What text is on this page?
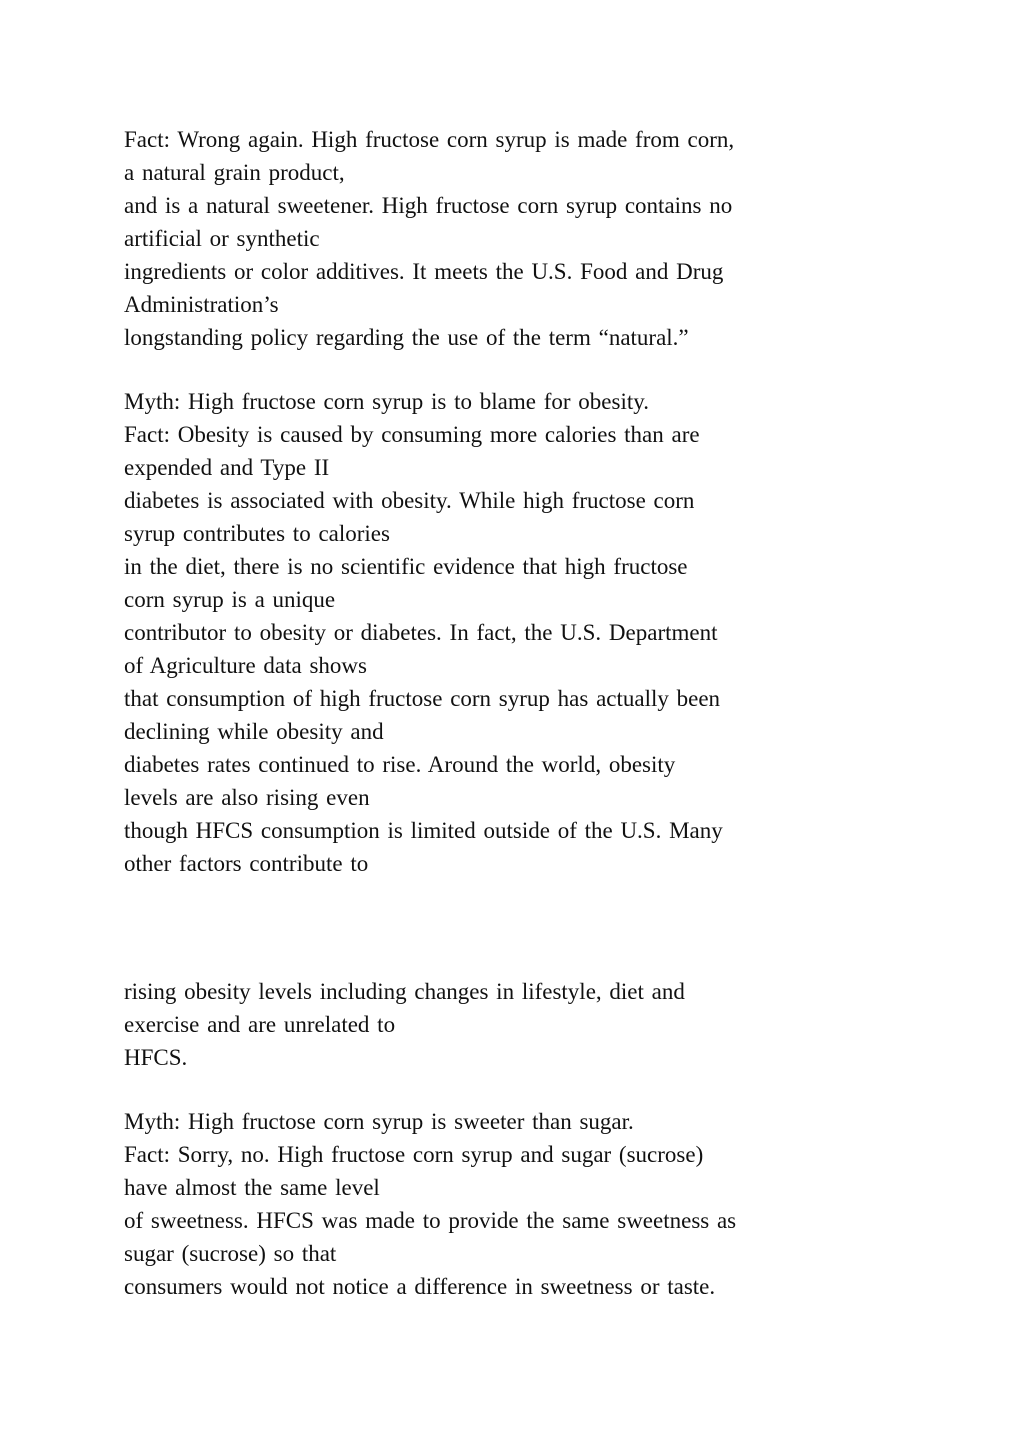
Fact: Wrong again. High fructose corn syrup is made from corn,
a natural grain product,
and is a natural sweetener. High fructose corn syrup contains no
artificial or synthetic
ingredients or color additives. It meets the U.S. Food and Drug
Administration’s
longstanding policy regarding the use of the term “natural.”
Myth: High fructose corn syrup is to blame for obesity.
Fact: Obesity is caused by consuming more calories than are
expended and Type II
diabetes is associated with obesity. While high fructose corn
syrup contributes to calories
in the diet, there is no scientific evidence that high fructose
corn syrup is a unique
contributor to obesity or diabetes. In fact, the U.S. Department
of Agriculture data shows
that consumption of high fructose corn syrup has actually been
declining while obesity and
diabetes rates continued to rise. Around the world, obesity
levels are also rising even
though HFCS consumption is limited outside of the U.S. Many
other factors contribute to
rising obesity levels including changes in lifestyle, diet and
exercise and are unrelated to
HFCS.
Myth: High fructose corn syrup is sweeter than sugar.
Fact: Sorry, no. High fructose corn syrup and sugar (sucrose)
have almost the same level
of sweetness. HFCS was made to provide the same sweetness as
sugar (sucrose) so that
consumers would not notice a difference in sweetness or taste.
